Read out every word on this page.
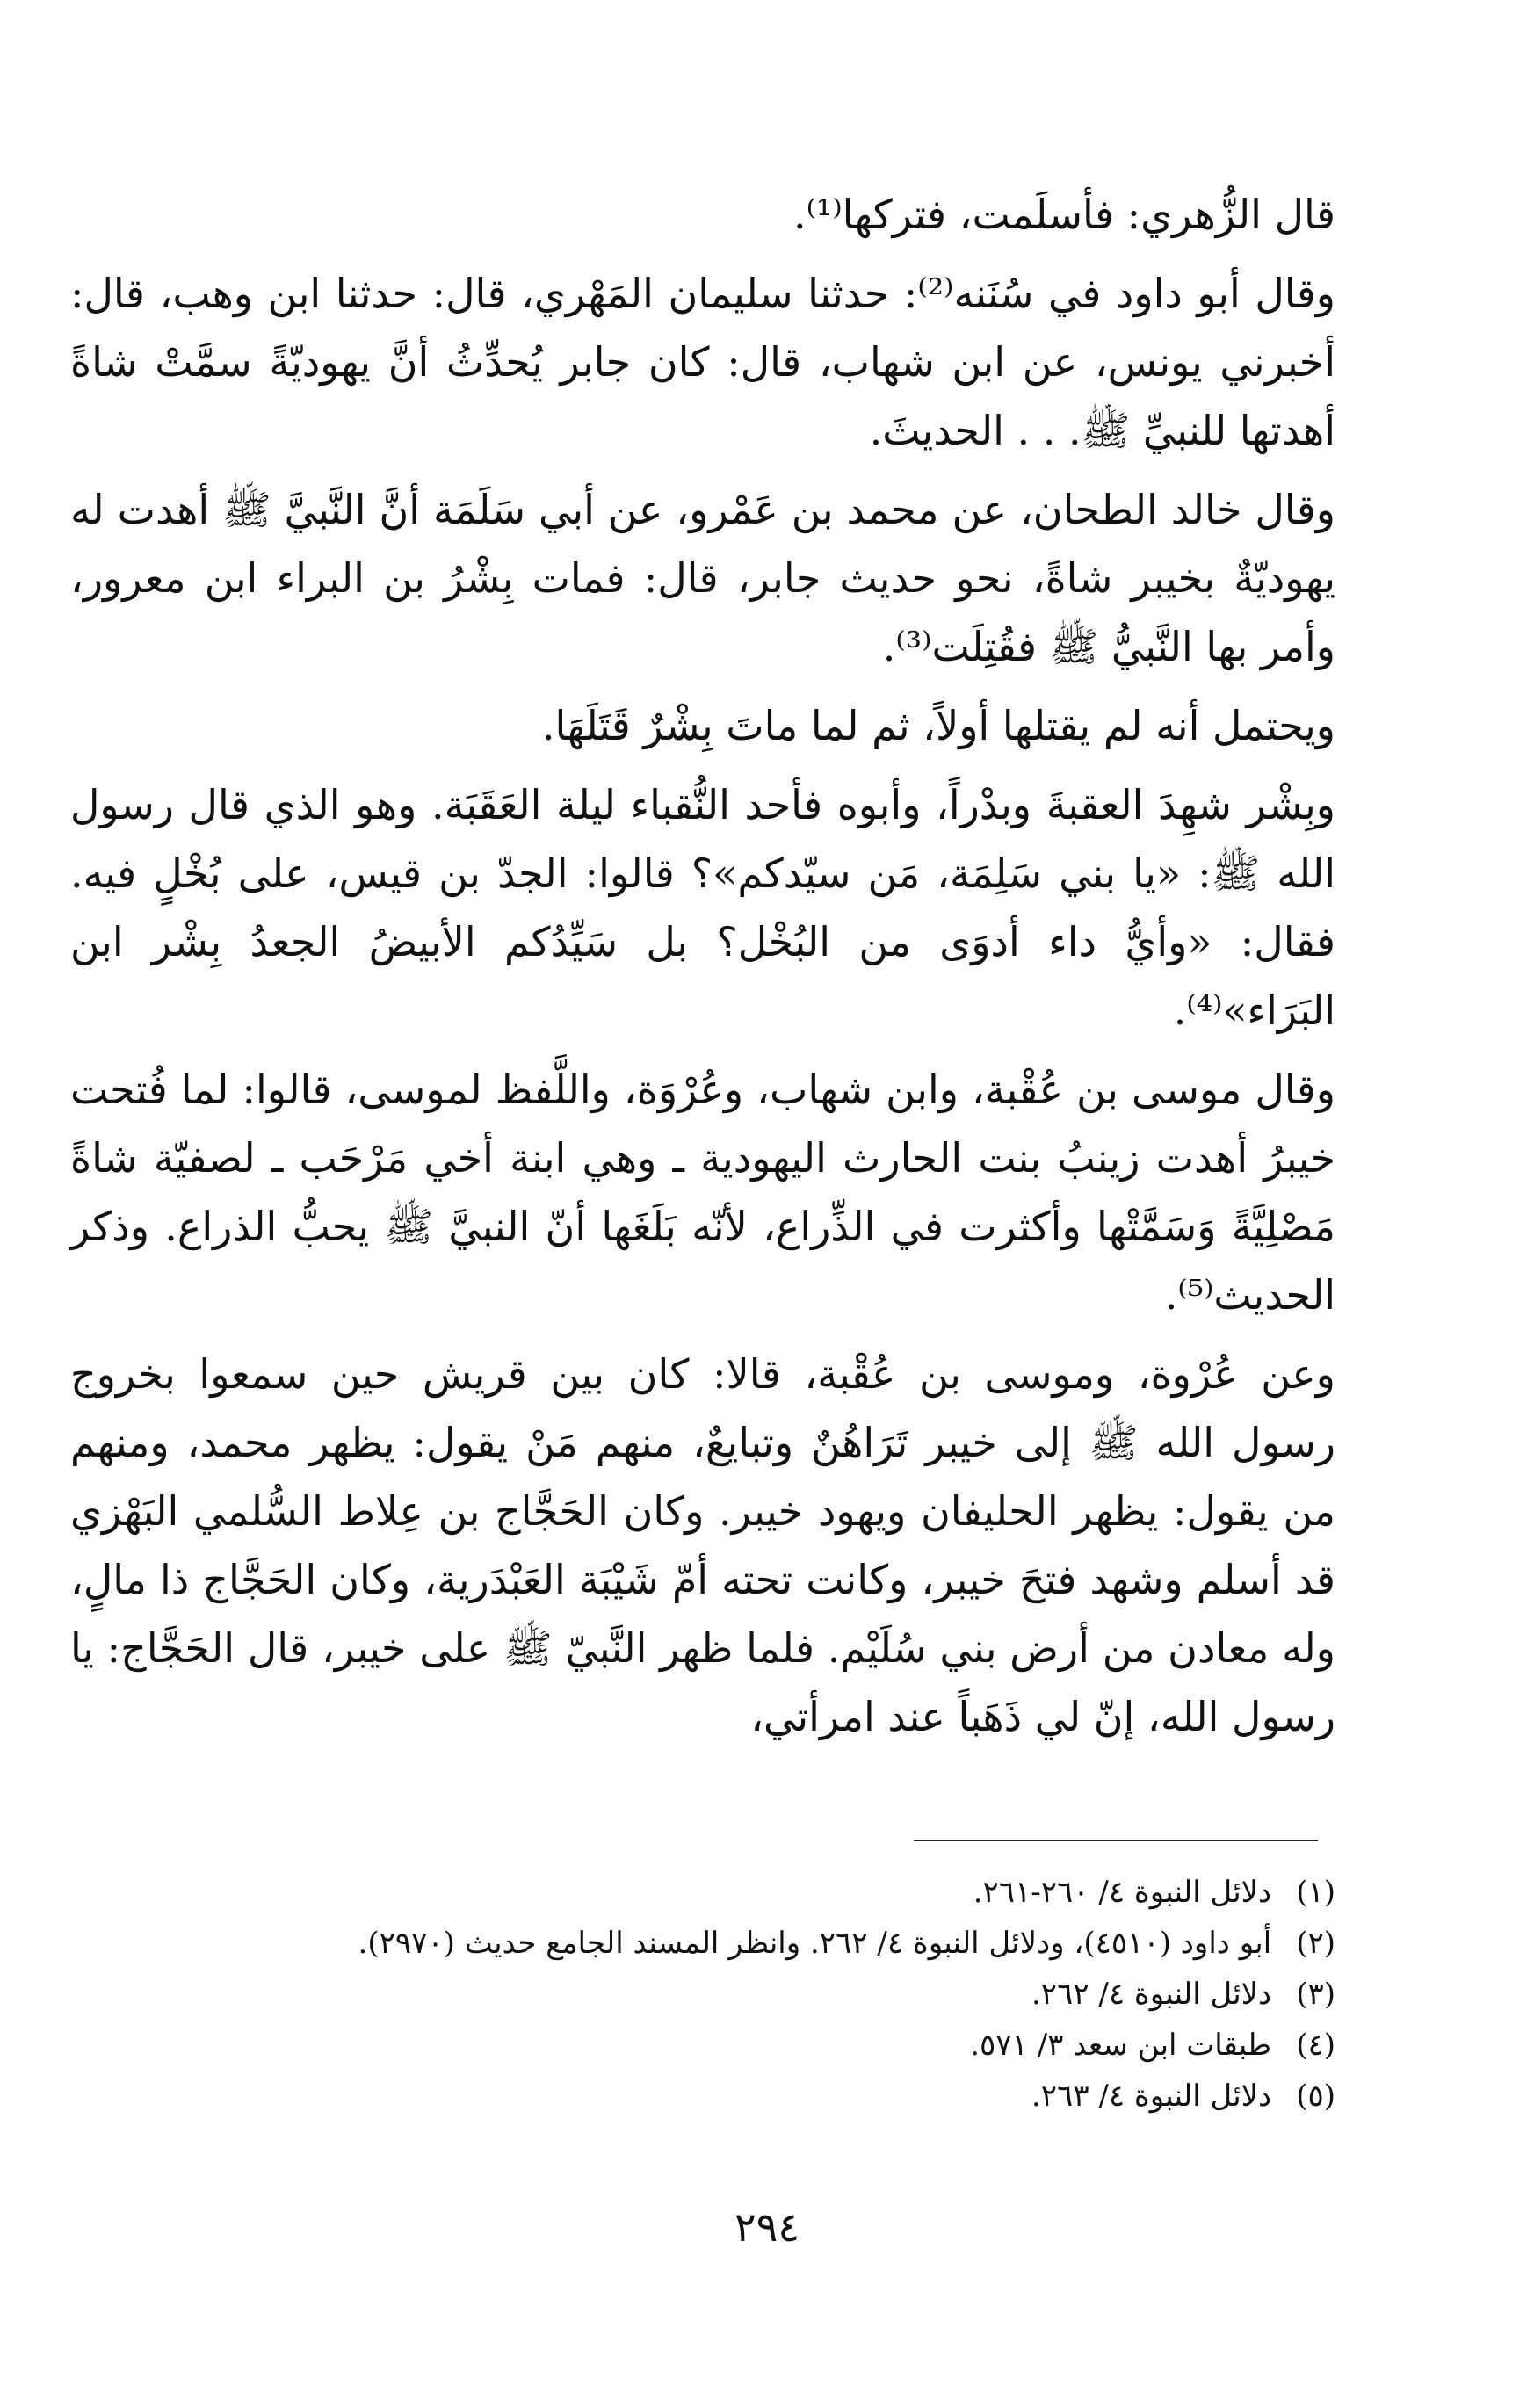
قال الزُّهري: فأسلَمت، فتركها⁽¹⁾.

وقال أبو داود في سُنَنه⁽²⁾: حدثنا سليمان المَهْري، قال: حدثنا ابن وهب، قال: أخبرني يونس، عن ابن شهاب، قال: كان جابر يُحدِّثُ أنَّ يهوديّةً سمَّتْ شاةً أهدتها للنبيِّ ﷺ. . . الحديثَ.

وقال خالد الطحان، عن محمد بن عَمْرو، عن أبي سَلَمَة أنَّ النَّبيَّ ﷺ أهدت له يهوديّةٌ بخيبر شاةً، نحو حديث جابر، قال: فمات بِشْرُ بن البراء ابن معرور، وأمر بها النَّبيُّ ﷺ فقُتِلَت⁽³⁾.

ويحتمل أنه لم يقتلها أولاً، ثم لما ماتَ بِشْرٌ قَتَلَهَا.

وبِشْر شهِدَ العقبةَ وبدْراً، وأبوه فأحد النُّقباء ليلة العَقَبَة. وهو الذي قال رسول الله ﷺ: «يا بني سَلِمَة، مَن سيّدكم»؟ قالوا: الجدّ بن قيس، على بُخْلٍ فيه. فقال: «وأيُّ داء أدوَى من البُخْل؟ بل سَيِّدُكم الأبيضُ الجعدُ بِشْر ابن البَرَاء»⁽⁴⁾.

وقال موسى بن عُقْبة، وابن شهاب، وعُرْوَة، واللَّفظ لموسى، قالوا: لما فُتحت خيبرُ أهدت زينبُ بنت الحارث اليهودية ـ وهي ابنة أخي مَرْحَب ـ لصفيّة شاةً مَصْلِيَّةً وَسَمَّتْها وأكثرت في الذِّراع، لأنّه بَلَغَها أنّ النبيَّ ﷺ يحبُّ الذراع. وذكر الحديث⁽⁵⁾.

وعن عُرْوة، وموسى بن عُقْبة، قالا: كان بين قريش حين سمعوا بخروج رسول الله ﷺ إلى خيبر تَرَاهُنٌ وتبايعٌ، منهم مَنْ يقول: يظهر محمد، ومنهم من يقول: يظهر الحليفان ويهود خيبر. وكان الحَجَّاج بن عِلاط السُّلمي البَهْزي قد أسلم وشهد فتحَ خيبر، وكانت تحته أمّ شَيْبَة العَبْدَرية، وكان الحَجَّاج ذا مالٍ، وله معادن من أرض بني سُلَيْم. فلما ظهر النَّبيّ ﷺ على خيبر، قال الحَجَّاج: يا رسول الله، إنّ لي ذَهَباً عند امرأتي،

(١) دلائل النبوة ٤/ ٢٦٠-٢٦١.
(٢) أبو داود (٤٥١٠)، ودلائل النبوة ٤/ ٢٦٢. وانظر المسند الجامع حديث (٢٩٧٠).
(٣) دلائل النبوة ٤/ ٢٦٢.
(٤) طبقات ابن سعد ٣/ ٥٧١.
(٥) دلائل النبوة ٤/ ٢٦٣.
٢٩٤
